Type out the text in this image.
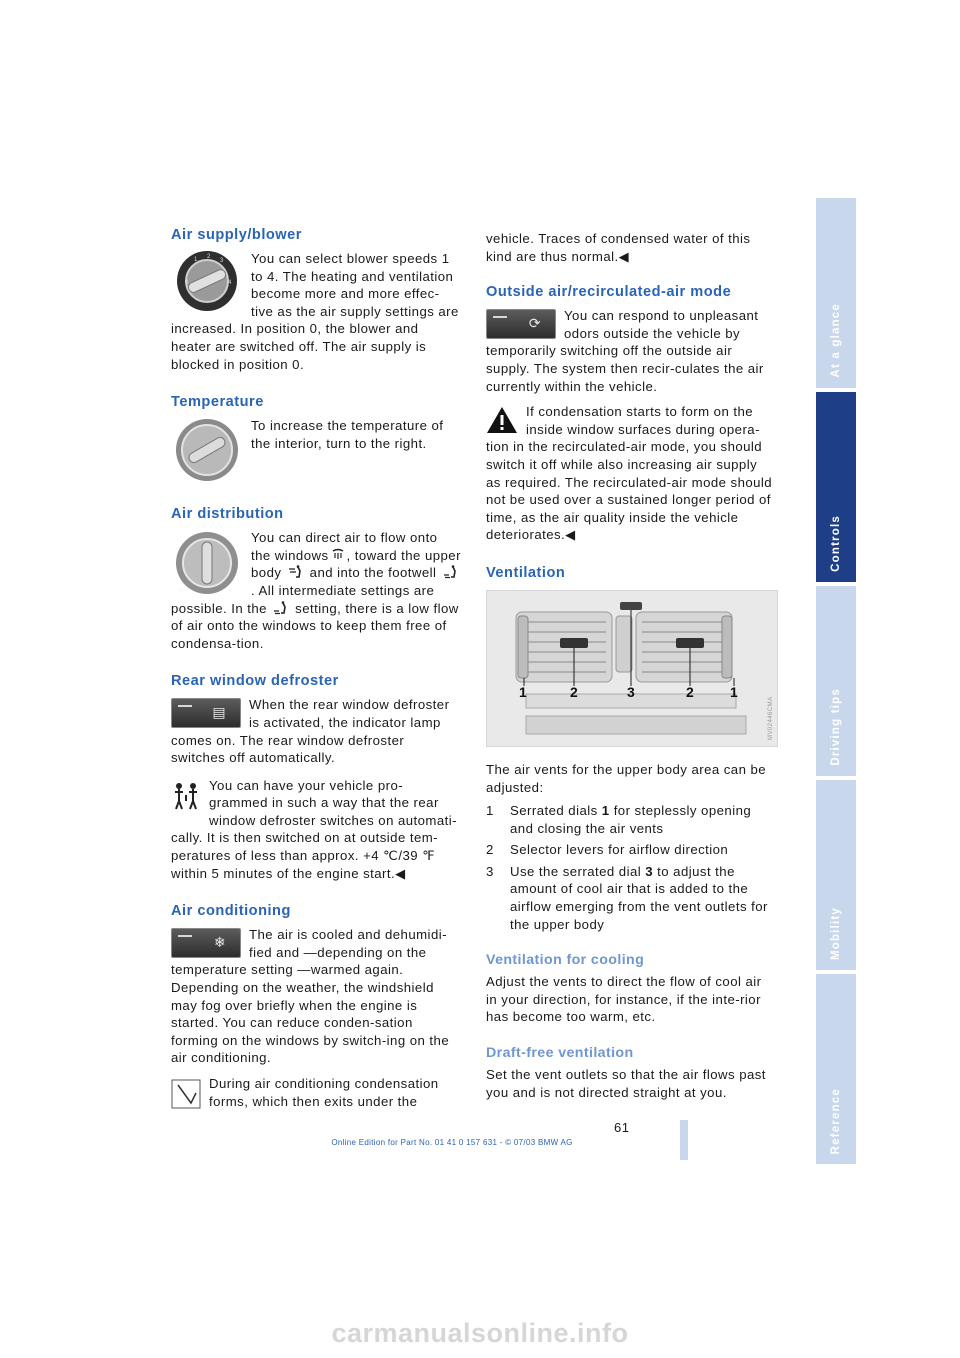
Air supply/blower
0
1 2
3
4

You can select blower speeds 1 to 4. The heating and ventilation become more and more effec-tive as the air supply settings are increased. In position 0, the blower and heater are switched off. The air supply is blocked in position 0.

Temperature

To increase the temperature of the interior, turn to the right.

Air distribution
≈	≈

You can direct air to flow onto the windows , toward the upper body and into the footwell . All intermediate settings are possible. In the setting, there is a low flow of air onto the windows to keep them free of condensa-tion.

Rear window defroster
▤	When the rear window defroster is activated, the indicator lamp comes on. The rear window defroster switches off automatically.

You can have your vehicle pro-grammed in such a way that the rear window defroster switches on automati-cally. It is then switched on at outside tem-peratures of less than approx. +4 ℃/39 ℉ within 5 minutes of the engine start.◀

Air conditioning
❄	The air is cooled and dehumidi-fied and —depending on the temperature setting —warmed again. Depending on the weather, the windshield may fog over briefly when the engine is started. You can reduce conden-sation forming on the windows by switch-ing on the air conditioning.

During air conditioning condensation forms, which then exits under the

vehicle. Traces of condensed water of this kind are thus normal.◀

Outside air/recirculated-air mode
⟳	You can respond to unpleasant odors outside the vehicle by temporarily switching off the outside air supply. The system then recir-culates the air currently within the vehicle.

If condensation starts to form on the inside window surfaces during opera-tion in the recirculated-air mode, you should switch it off while also increasing air supply as required. The recirculated-air mode should not be used over a sustained longer period of time, as the air quality inside the vehicle deteriorates.◀

Ventilation
1	2	3	2	1
MV02446CMA

The air vents for the upper body area can be adjusted:

1 Serrated dials 1 for steplessly opening and closing the air vents
2 Selector levers for airflow direction
3 Use the serrated dial 3 to adjust the amount of cool air that is added to the airflow emerging from the vent outlets for the upper body
Ventilation for cooling

Adjust the vents to direct the flow of cool air in your direction, for instance, if the inte-rior has become too warm, etc.

Draft-free ventilation

Set the vent outlets so that the air flows past you and is not directed straight at you.

At a glance
Controls
Driving tips
Mobility
Reference
61
Online Edition for Part No. 01 41 0 157 631 - © 07/03 BMW AG
carmanualsonline.info
